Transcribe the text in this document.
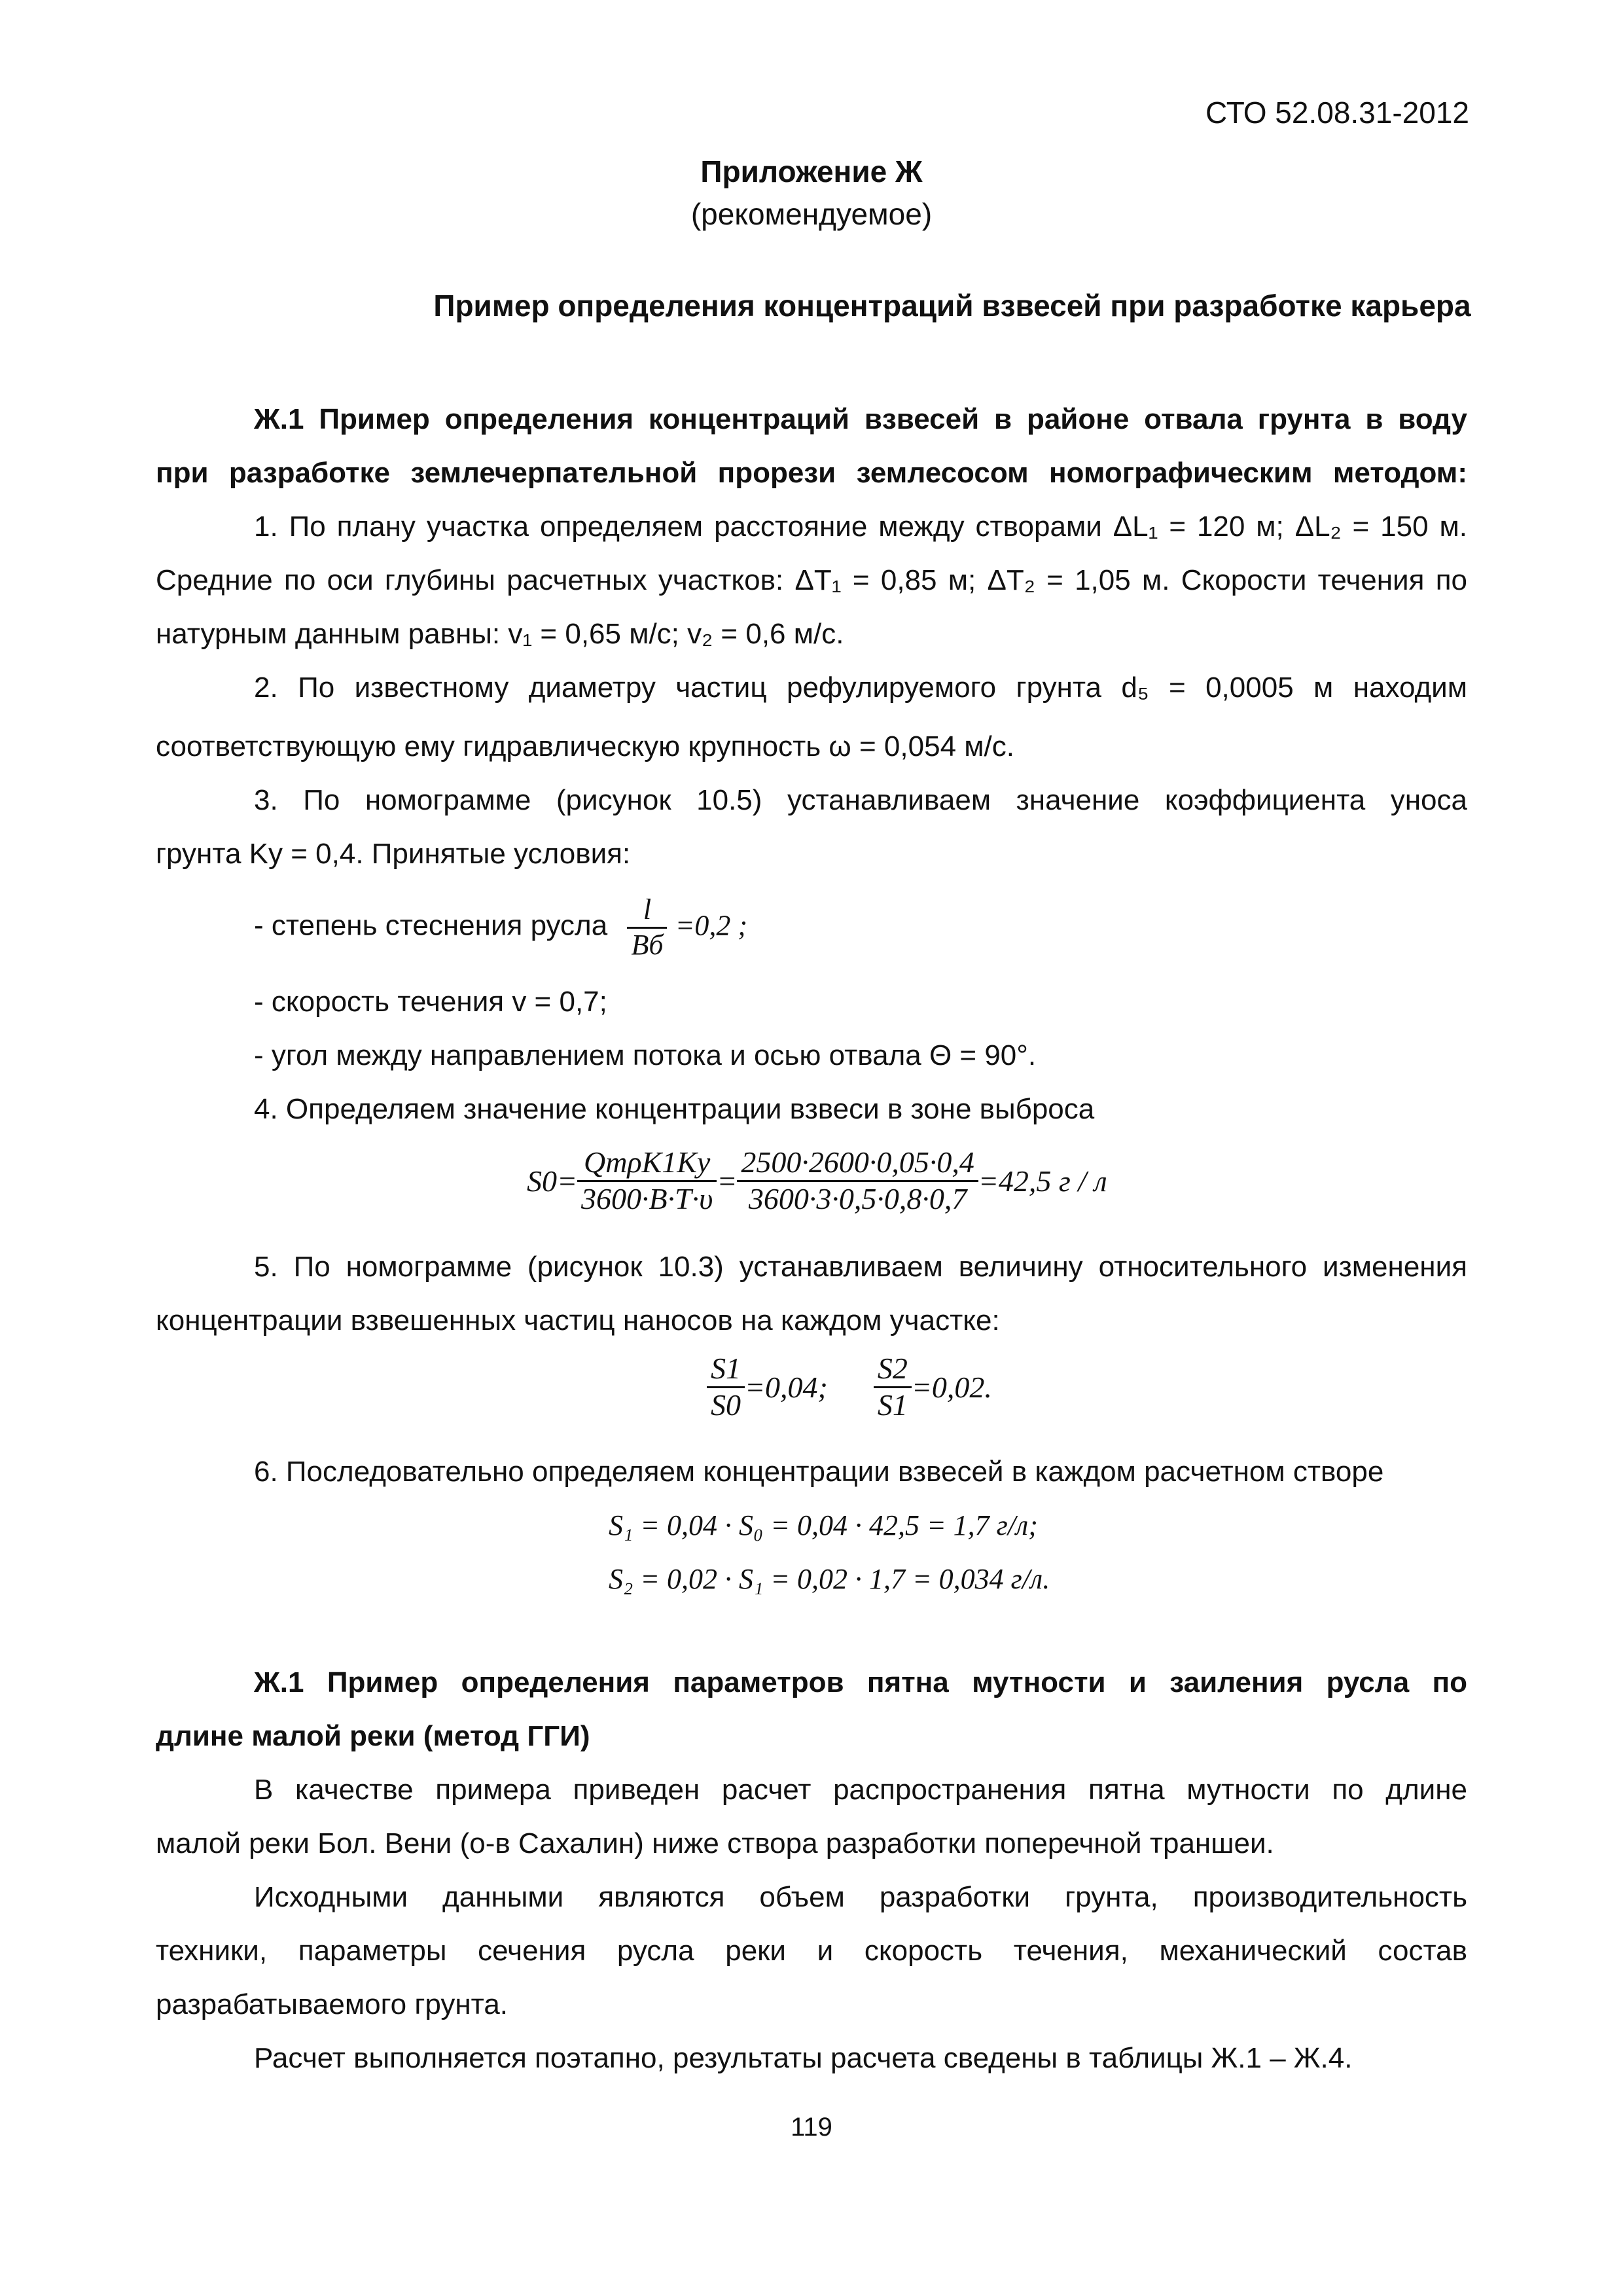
СТО 52.08.31-2012
Приложение Ж
(рекомендуемое)
Пример определения концентраций взвесей при разработке карьера
Ж.1 Пример определения концентраций взвесей в районе отвала грунта в воду
при разработке землечерпательной прорези землесосом номографическим методом:
1. По плану участка определяем расстояние между створами ΔL₁ = 120 м; ΔL₂ = 150 м.
Средние по оси глубины расчетных участков: ΔT₁ = 0,85 м; ΔT₂ = 1,05 м. Скорости течения по
натурным данным равны: v₁ = 0,65 м/с; v₂ = 0,6 м/с.
2. По известному диаметру частиц рефулируемого грунта d₅ = 0,0005 м находим
соответствующую ему гидравлическую крупность ω = 0,054 м/с.
3. По номограмме (рисунок 10.5) устанавливаем значение коэффициента уноса
грунта Kу = 0,4. Принятые условия:
- степень стеснения русла $\frac{l}{Bб} =0,2$ ;
- скорость течения v = 0,7;
- угол между направлением потока и осью отвала Θ = 90°.
4. Определяем значение концентрации взвеси в зоне выброса
$S0= \frac{\text{QmρK1Ky}}{3600\cdot B\cdot T\cdot\upsilon} = \frac{2500\cdot 2600\cdot 0,05\cdot 0,4}{3600\cdot 3\cdot 0,5\cdot 0,8\cdot 0,7} =42,5$ г / л
5. По номограмме (рисунок 10.3) устанавливаем величину относительного изменения
концентрации взвешенных частиц наносов на каждом участке:
$\frac{S1}{S0} =0,04$; $\frac{S2}{S1} =0,02$.
6. Последовательно определяем концентрации взвесей в каждом расчетном створе
S₁ = 0,04 · S₀ = 0,04 · 42,5 = 1,7 г/л;
S₂ = 0,02 · S₁ = 0,02 · 1,7 = 0,034 г/л.
Ж.1 Пример определения параметров пятна мутности и заиления русла по
длине малой реки (метод ГГИ)
В качестве примера приведен расчет распространения пятна мутности по длине
малой реки Бол. Вени (о-в Сахалин) ниже створа разработки поперечной траншеи.
Исходными данными являются объем разработки грунта, производительность
техники, параметры сечения русла реки и скорость течения, механический состав
разрабатываемого грунта.
Расчет выполняется поэтапно, результаты расчета сведены в таблицы Ж.1 – Ж.4.
119
